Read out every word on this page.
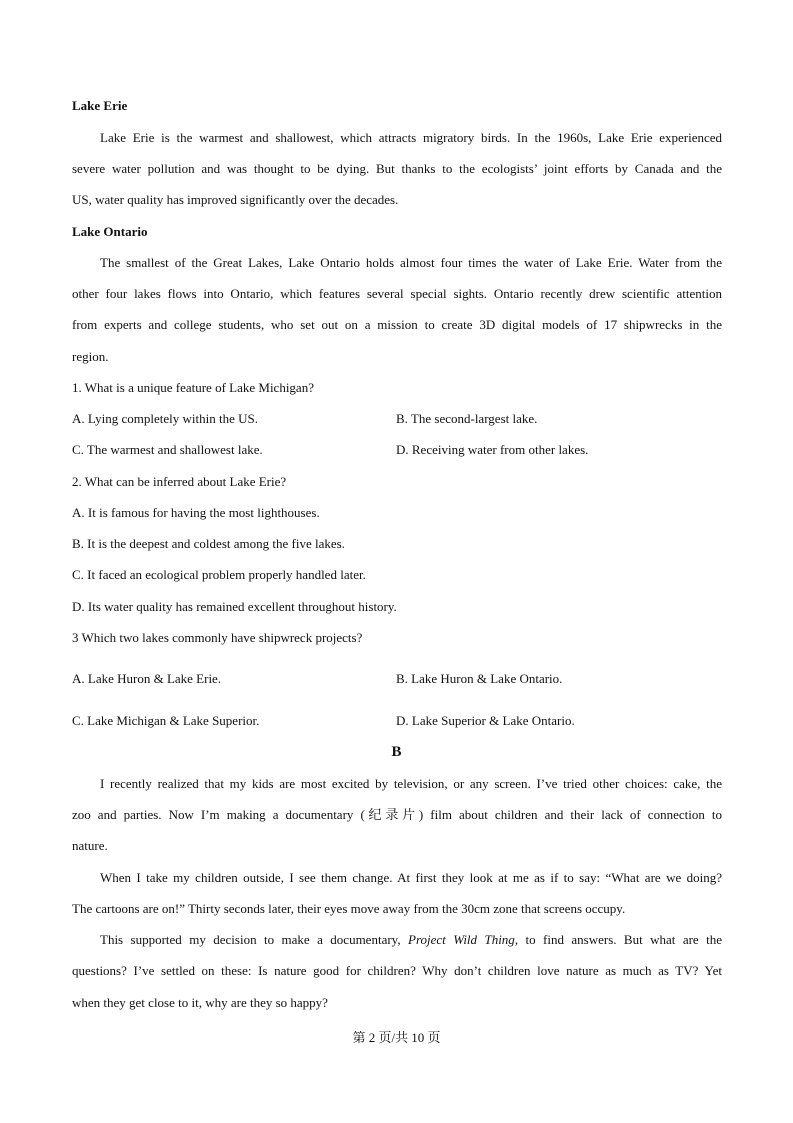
Lake Erie
Lake Erie is the warmest and shallowest, which attracts migratory birds. In the 1960s, Lake Erie experienced
severe water pollution and was thought to be dying. But thanks to the ecologists’ joint efforts by Canada and the
US, water quality has improved significantly over the decades.
Lake Ontario
The smallest of the Great Lakes, Lake Ontario holds almost four times the water of Lake Erie. Water from the
other four lakes flows into Ontario, which features several special sights. Ontario recently drew scientific attention
from experts and college students, who set out on a mission to create 3D digital models of 17 shipwrecks in the
region.
1. What is a unique feature of Lake Michigan?
A. Lying completely within the US.	B. The second-largest lake.
C. The warmest and shallowest lake.	D. Receiving water from other lakes.
2. What can be inferred about Lake Erie?
A. It is famous for having the most lighthouses.
B. It is the deepest and coldest among the five lakes.
C. It faced an ecological problem properly handled later.
D. Its water quality has remained excellent throughout history.
3 Which two lakes commonly have shipwreck projects?
A. Lake Huron & Lake Erie.	B. Lake Huron & Lake Ontario.
C. Lake Michigan & Lake Superior.	D. Lake Superior & Lake Ontario.
B
I recently realized that my kids are most excited by television, or any screen. I’ve tried other choices: cake, the
zoo and parties. Now I’m making a documentary (纪录片) film about children and their lack of connection to
nature.
When I take my children outside, I see them change. At first they look at me as if to say: “What are we doing?
The cartoons are on!” Thirty seconds later, their eyes move away from the 30cm zone that screens occupy.
This supported my decision to make a documentary, Project Wild Thing, to find answers. But what are the
questions? I’ve settled on these: Is nature good for children? Why don’t children love nature as much as TV? Yet
when they get close to it, why are they so happy?
第 2 页/共 10 页
